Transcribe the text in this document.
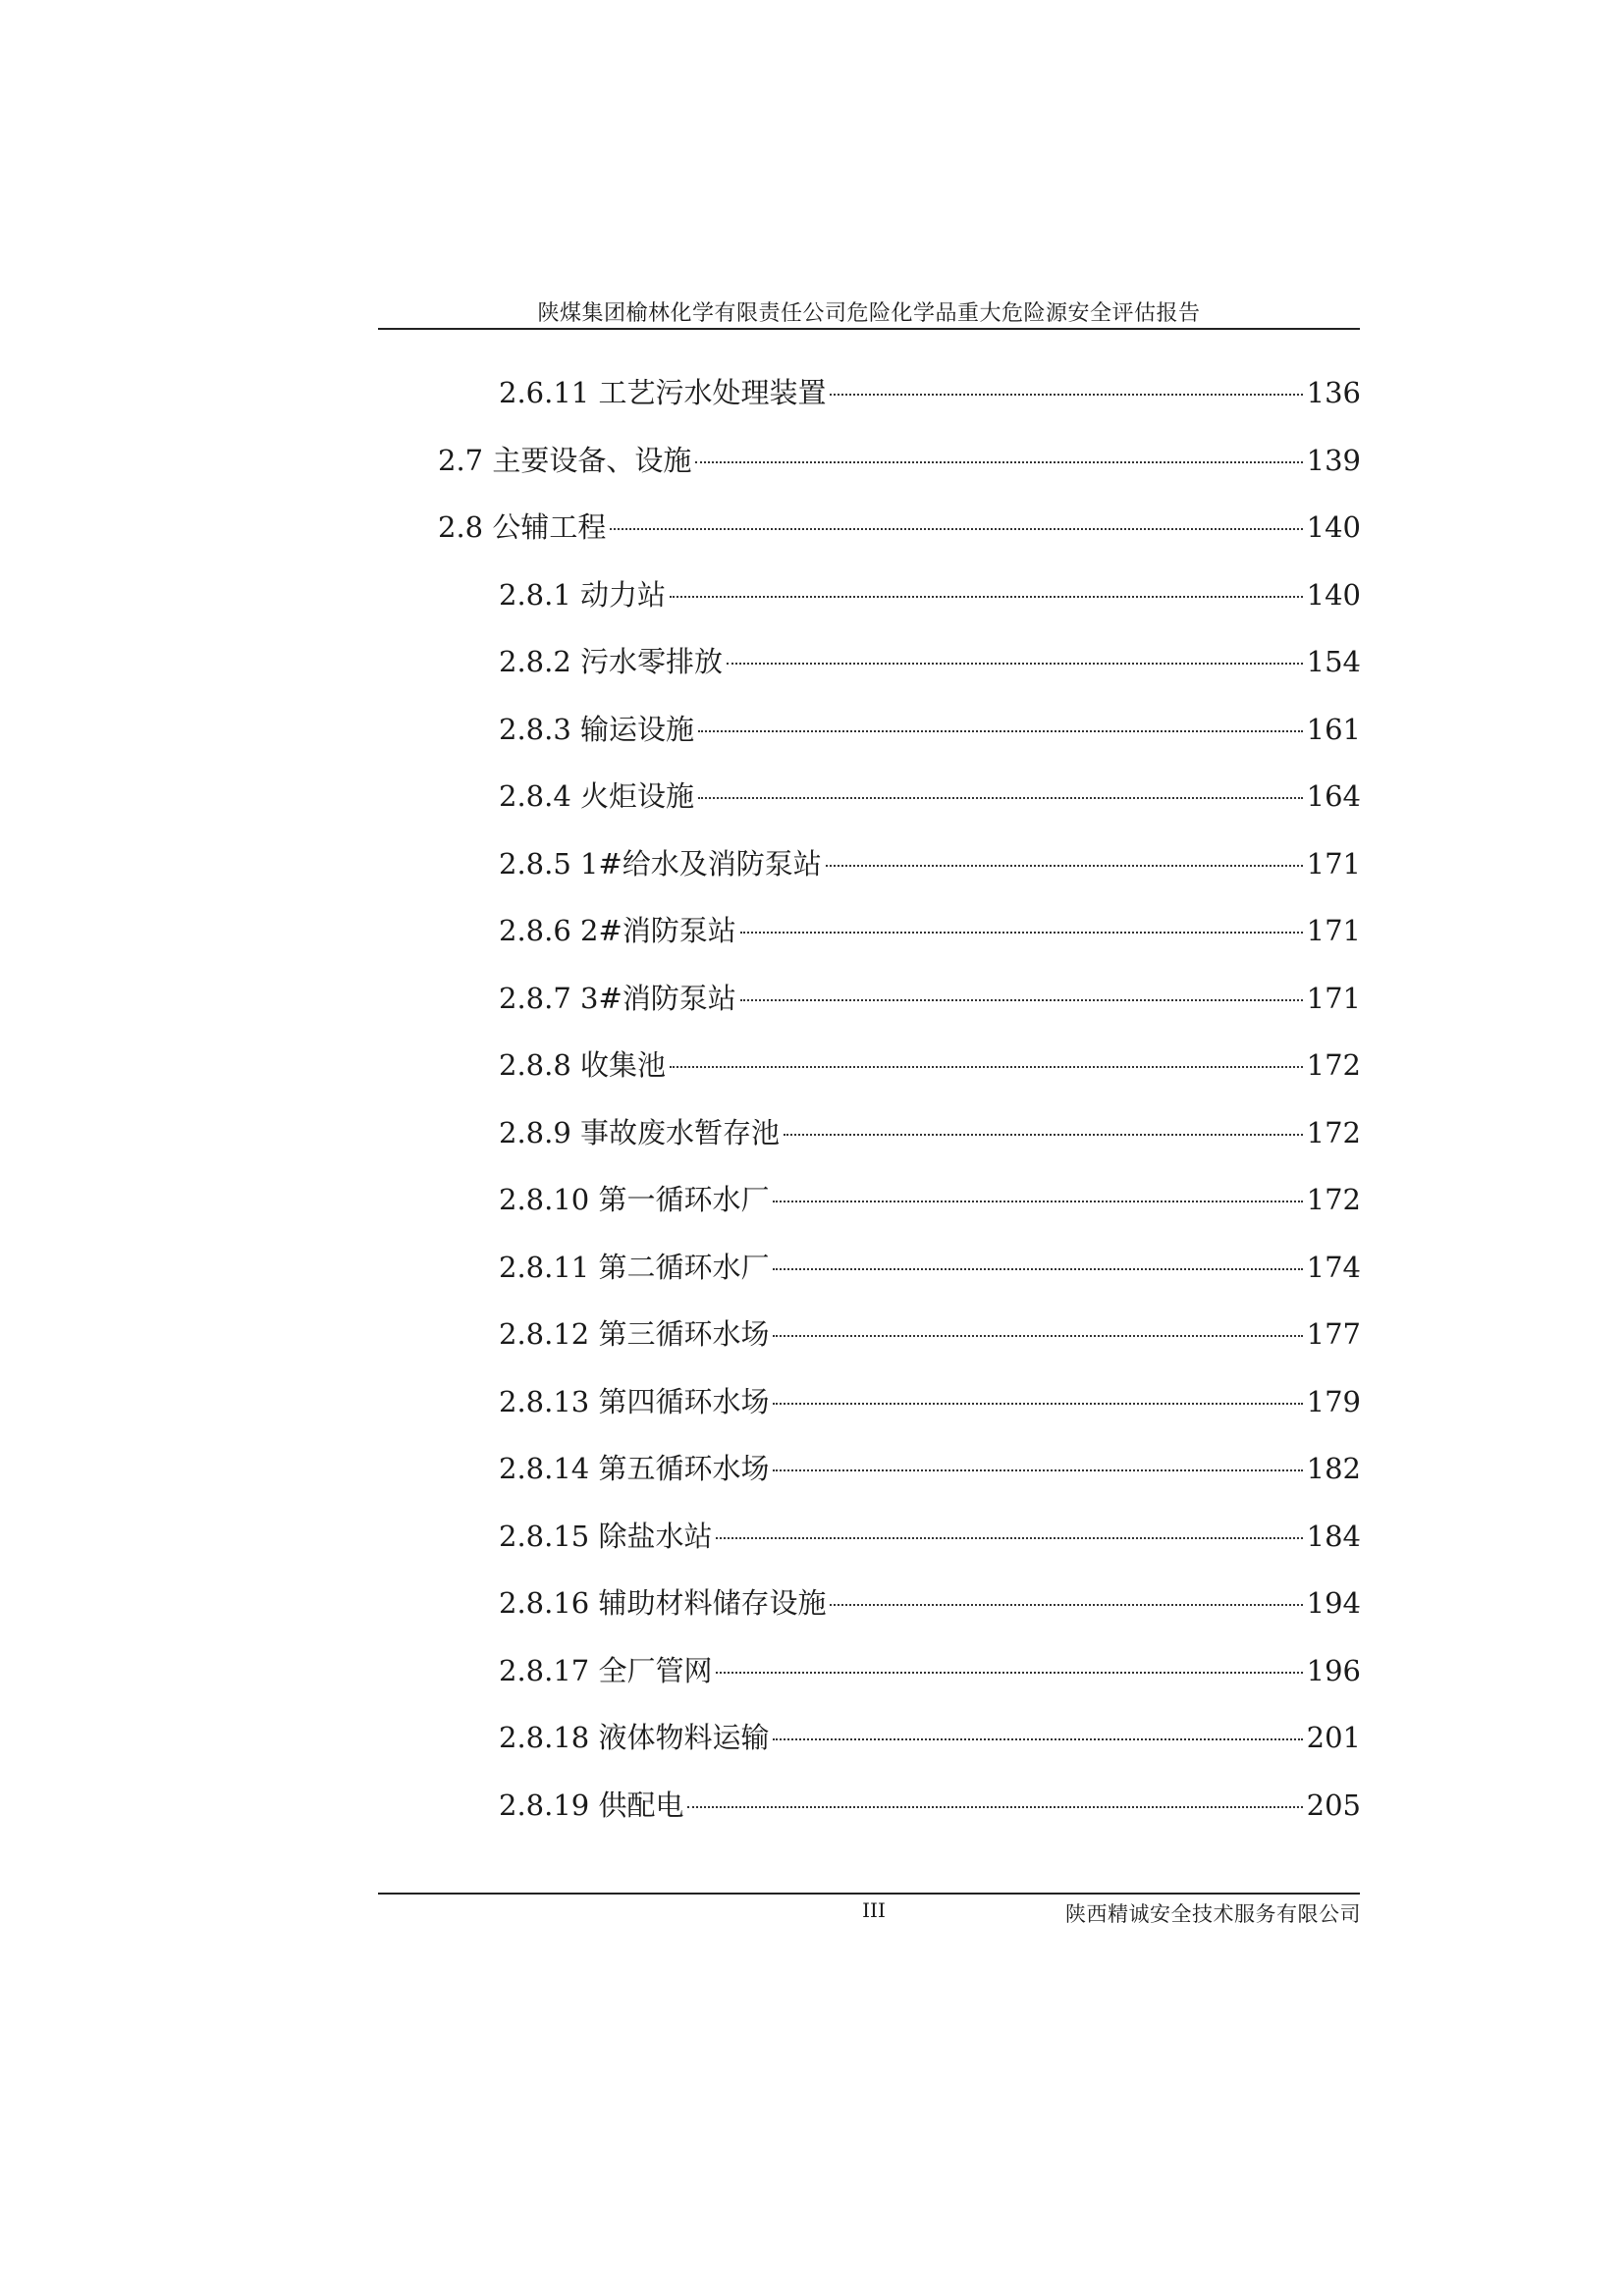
陕煤集团榆林化学有限责任公司危险化学品重大危险源安全评估报告
2.6.11 工艺污水处理装置	136
2.7 主要设备、设施	139
2.8 公辅工程	140
2.8.1 动力站	140
2.8.2 污水零排放	154
2.8.3 输运设施	161
2.8.4 火炬设施	164
2.8.5 1#给水及消防泵站	171
2.8.6 2#消防泵站	171
2.8.7 3#消防泵站	171
2.8.8 收集池	172
2.8.9 事故废水暂存池	172
2.8.10 第一循环水厂	172
2.8.11 第二循环水厂	174
2.8.12 第三循环水场	177
2.8.13 第四循环水场	179
2.8.14 第五循环水场	182
2.8.15 除盐水站	184
2.8.16 辅助材料储存设施	194
2.8.17 全厂管网	196
2.8.18 液体物料运输	201
2.8.19 供配电	205
III	陕西精诚安全技术服务有限公司
